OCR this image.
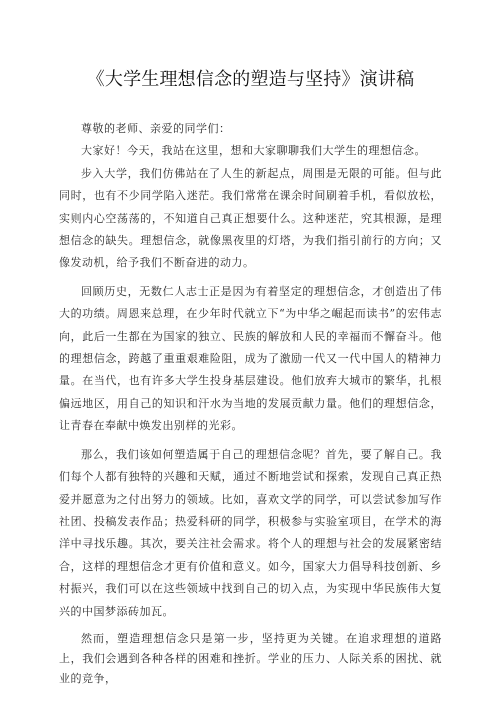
《大学生理想信念的塑造与坚持》演讲稿

尊敬的老师、亲爱的同学们：

大家好！今天，我站在这里，想和大家聊聊我们大学生的理想信念。

步入大学，我们仿佛站在了人生的新起点，周围是无限的可能。但与此同时，也有不少同学陷入迷茫。我们常常在课余时间刷着手机，看似放松，实则内心空荡荡的，不知道自己真正想要什么。这种迷茫，究其根源，是理想信念的缺失。理想信念，就像黑夜里的灯塔，为我们指引前行的方向；又像发动机，给予我们不断奋进的动力。

回顾历史，无数仁人志士正是因为有着坚定的理想信念，才创造出了伟大的功绩。周恩来总理，在少年时代就立下“为中华之崛起而读书”的宏伟志向，此后一生都在为国家的独立、民族的解放和人民的幸福而不懈奋斗。他的理想信念，跨越了重重艰难险阻，成为了激励一代又一代中国人的精神力量。在当代，也有许多大学生投身基层建设。他们放弃大城市的繁华，扎根偏远地区，用自己的知识和汗水为当地的发展贡献力量。他们的理想信念，让青春在奉献中焕发出别样的光彩。

那么，我们该如何塑造属于自己的理想信念呢？首先，要了解自己。我们每个人都有独特的兴趣和天赋，通过不断地尝试和探索，发现自己真正热爱并愿意为之付出努力的领域。比如，喜欢文学的同学，可以尝试参加写作社团、投稿发表作品；热爱科研的同学，积极参与实验室项目，在学术的海洋中寻找乐趣。其次，要关注社会需求。将个人的理想与社会的发展紧密结合，这样的理想信念才更有价值和意义。如今，国家大力倡导科技创新、乡村振兴，我们可以在这些领域中找到自己的切入点，为实现中华民族伟大复兴的中国梦添砖加瓦。

然而，塑造理想信念只是第一步，坚持更为关键。在追求理想的道路上，我们会遇到各种各样的困难和挫折。学业的压力、人际关系的困扰、就业的竞争，
